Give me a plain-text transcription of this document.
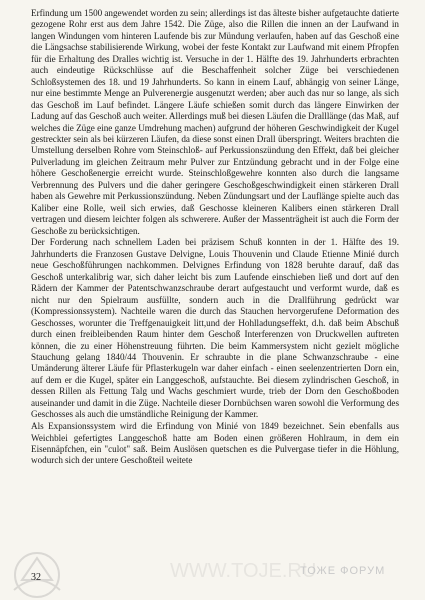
Erfindung um 1500 angewendet worden zu sein; allerdings ist das älteste bisher aufgetauchte datierte gezogene Rohr erst aus dem Jahre 1542. Die Züge, also die Rillen die innen an der Laufwand in langen Windungen vom hinteren Laufende bis zur Mündung verlaufen, haben auf das Geschoß eine die Längsachse stabilisierende Wirkung, wobei der feste Kontakt zur Laufwand mit einem Pfropfen für die Erhaltung des Dralles wichtig ist. Versuche in der 1. Hälfte des 19. Jahrhunderts erbrachten auch eindeutige Rückschlüsse auf die Beschaffenheit solcher Züge bei verschiedenen Schloßsystemen des 18. und 19 Jahrhunderts. So kann in einem Lauf, abhängig von seiner Länge, nur eine bestimmte Menge an Pulverenergie ausgenutzt werden; aber auch das nur so lange, als sich das Geschoß im Lauf befindet. Längere Läufe schießen somit durch das längere Einwirken der Ladung auf das Geschoß auch weiter. Allerdings muß bei diesen Läufen die Dralllänge (das Maß, auf welches die Züge eine ganze Umdrehung machen) aufgrund der höheren Geschwindigkeit der Kugel gestreckter sein als bei kürzeren Läufen, da diese sonst einen Drall überspringt. Weiters brachten die Umstellung derselben Rohre vom Steinschloß- auf Perkussionszündung den Effekt, daß bei gleicher Pulverladung im gleichen Zeitraum mehr Pulver zur Entzündung gebracht und in der Folge eine höhere Geschoßenergie erreicht wurde. Steinschloßgewehre konnten also durch die langsame Verbrennung des Pulvers und die daher geringere Geschoßgeschwindigkeit einen stärkeren Drall haben als Gewehre mit Perkussionszündung. Neben Zündungsart und der Lauflänge spielte auch das Kaliber eine Rolle, weil sich erwies, daß Geschosse kleineren Kalibers einen stärkeren Drall vertragen und diesem leichter folgen als schwerere. Außer der Massenträgheit ist auch die Form der Geschoße zu berücksichtigen.

Der Forderung nach schnellem Laden bei präzisem Schuß konnten in der 1. Hälfte des 19. Jahrhunderts die Franzosen Gustave Delvigne, Louis Thouvenin und Claude Etienne Minié durch neue Geschoßführungen nachkommen. Delvignes Erfindung von 1828 beruhte darauf, daß das Geschoß unterkalibrig war, sich daher leicht bis zum Laufende einschieben ließ und dort auf den Rädern der Kammer der Patentschwanzschraube derart aufgestaucht und verformt wurde, daß es nicht nur den Spielraum ausfüllte, sondern auch in die Drallführung gedrückt war (Kompressionssystem). Nachteile waren die durch das Stauchen hervorgerufene Deformation des Geschosses, worunter die Treffgenauigkeit litt,und der Hohlladungseffekt, d.h. daß beim Abschuß durch einen freibleibenden Raum hinter dem Geschoß Interferenzen von Druckwellen auftreten können, die zu einer Höhenstreuung führten. Die beim Kammersystem nicht gezielt mögliche Stauchung gelang 1840/44 Thouvenin. Er schraubte in die plane Schwanzschraube - eine Umänderung älterer Läufe für Pflasterkugeln war daher einfach - einen seelenzentrierten Dorn ein, auf dem er die Kugel, später ein Langgeschoß, aufstauchte. Bei diesem zylindrischen Geschoß, in dessen Rillen als Fettung Talg und Wachs geschmiert wurde, trieb der Dorn den Geschoßboden auseinander und damit in die Züge. Nachteile dieser Dornbüchsen waren sowohl die Verformung des Geschosses als auch die umständliche Reinigung der Kammer.

Als Expansionssystem wird die Erfindung von Minié von 1849 bezeichnet. Sein ebenfalls aus Weichblei gefertigtes Langgeschoß hatte am Boden einen größeren Hohlraum, in dem ein Eisennäpfchen, ein "culot" saß. Beim Auslösen quetschen es die Pulvergase tiefer in die Höhlung, wodurch sich der untere Geschoßteil weitete

WWW.TOJE.RU
ТОЖЕ ФОРУМ
32
